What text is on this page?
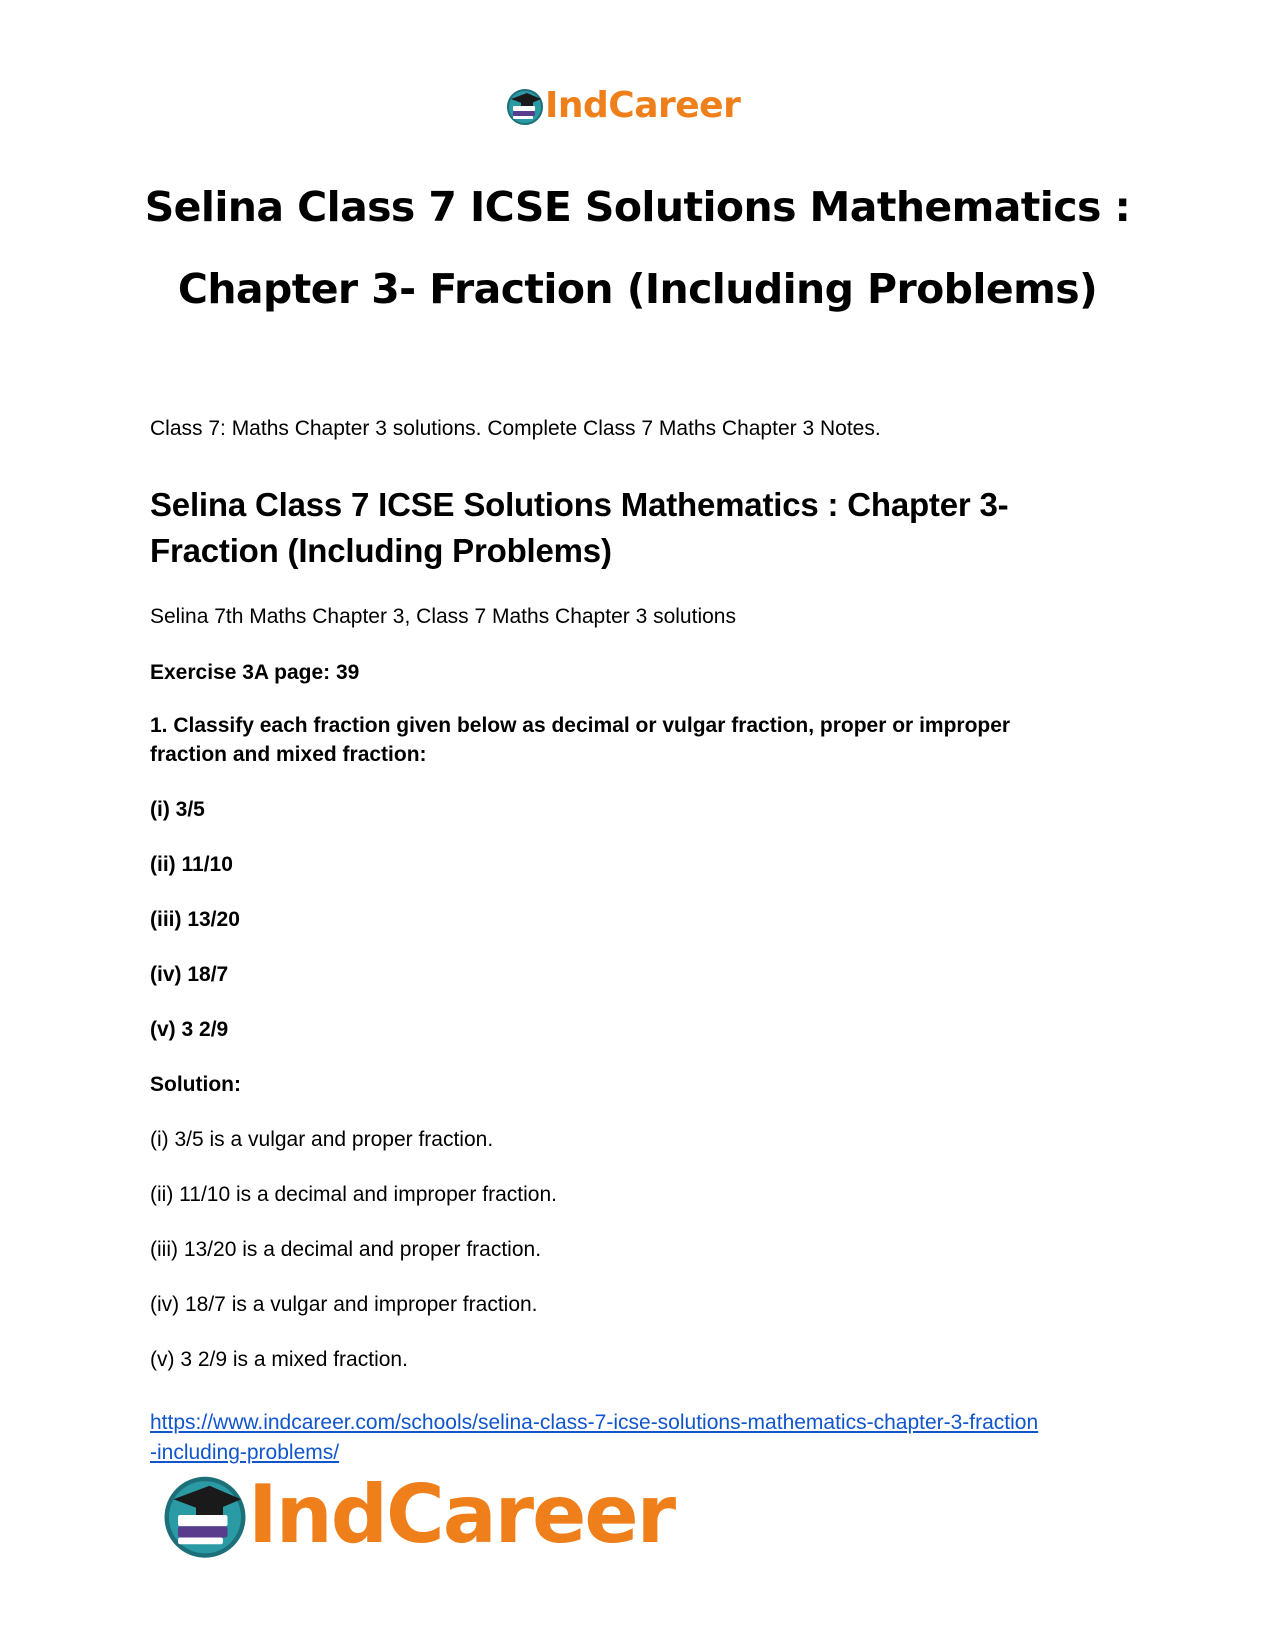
IndCareer
Selina Class 7 ICSE Solutions Mathematics :
Chapter 3- Fraction (Including Problems)
Class 7: Maths Chapter 3 solutions. Complete Class 7 Maths Chapter 3 Notes.
Selina Class 7 ICSE Solutions Mathematics : Chapter 3-
Fraction (Including Problems)
Selina 7th Maths Chapter 3, Class 7 Maths Chapter 3 solutions
Exercise 3A page: 39
1. Classify each fraction given below as decimal or vulgar fraction, proper or improper
fraction and mixed fraction:
(i) 3/5
(ii) 11/10
(iii) 13/20
(iv) 18/7
(v) 3 2/9
Solution:
(i) 3/5 is a vulgar and proper fraction.
(ii) 11/10 is a decimal and improper fraction.
(iii) 13/20 is a decimal and proper fraction.
(iv) 18/7 is a vulgar and improper fraction.
(v) 3 2/9 is a mixed fraction.
https://www.indcareer.com/schools/selina-class-7-icse-solutions-mathematics-chapter-3-fraction
-including-problems/
IndCareer
